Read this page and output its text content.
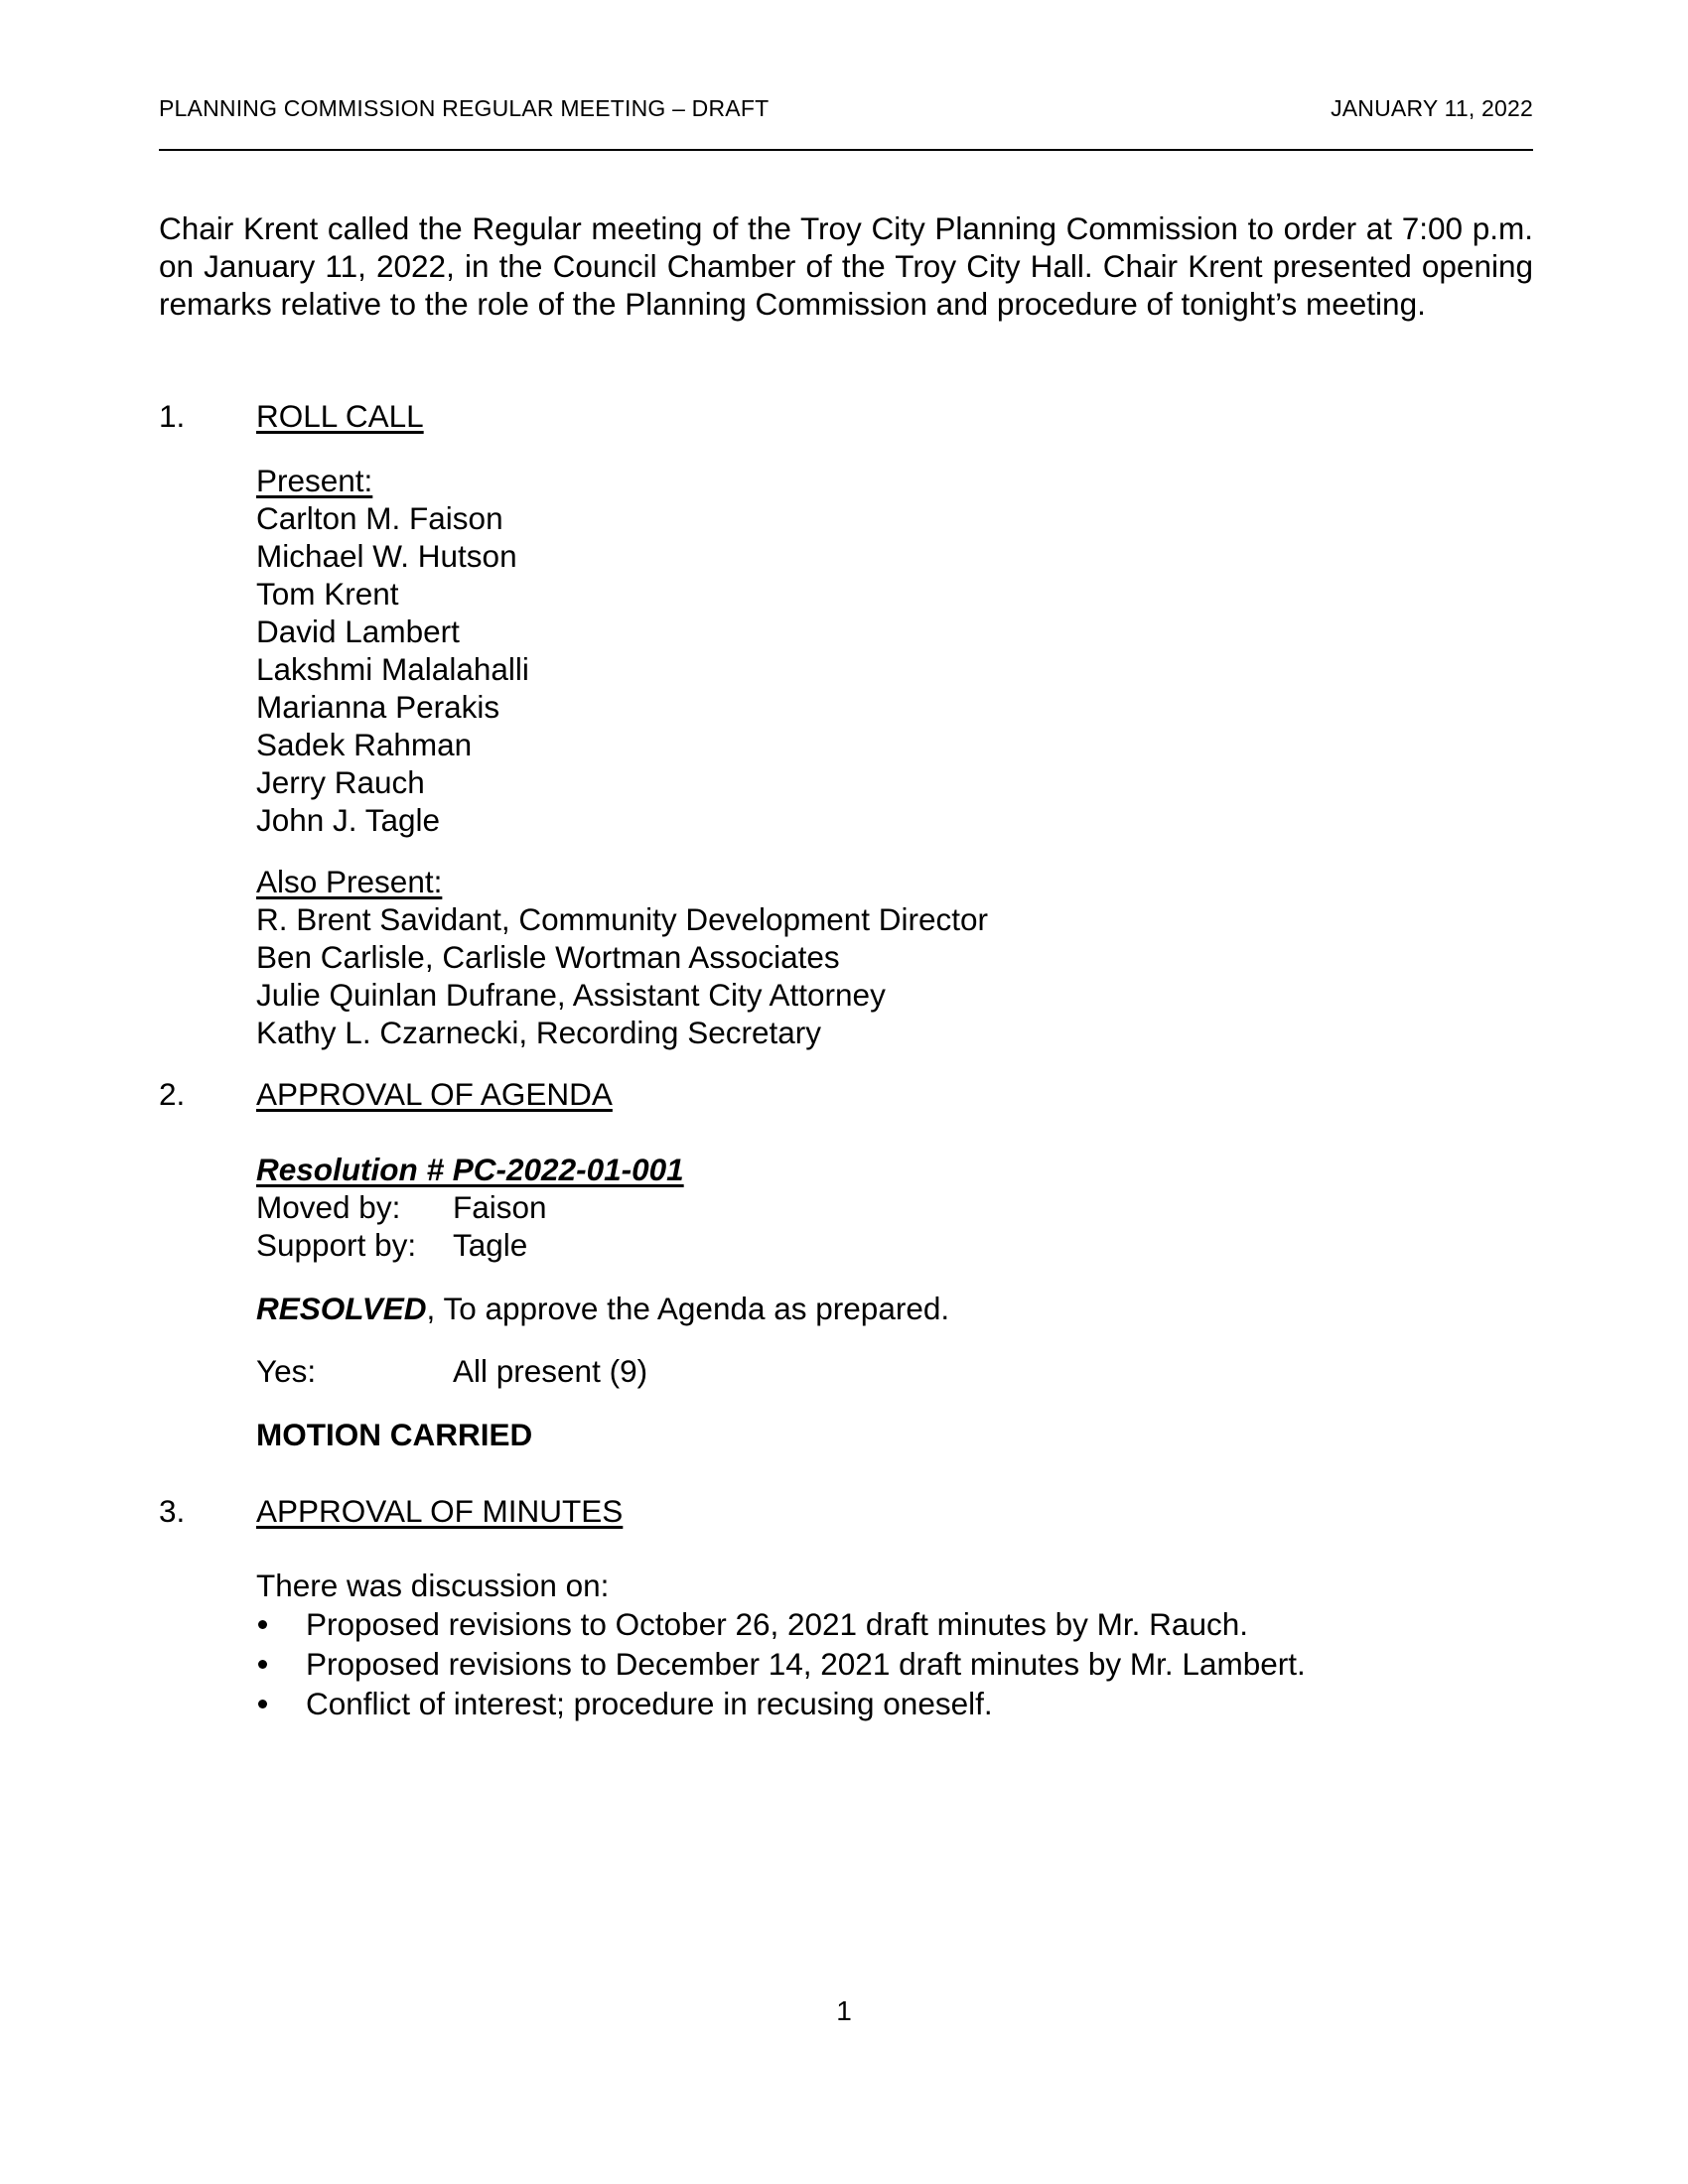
PLANNING COMMISSION REGULAR MEETING – DRAFT	JANUARY 11, 2022
Chair Krent called the Regular meeting of the Troy City Planning Commission to order at 7:00 p.m. on January 11, 2022, in the Council Chamber of the Troy City Hall. Chair Krent presented opening remarks relative to the role of the Planning Commission and procedure of tonight’s meeting.
1. ROLL CALL
Present:
Carlton M. Faison
Michael W. Hutson
Tom Krent
David Lambert
Lakshmi Malalahalli
Marianna Perakis
Sadek Rahman
Jerry Rauch
John J. Tagle
Also Present:
R. Brent Savidant, Community Development Director
Ben Carlisle, Carlisle Wortman Associates
Julie Quinlan Dufrane, Assistant City Attorney
Kathy L. Czarnecki, Recording Secretary
2. APPROVAL OF AGENDA
Resolution # PC-2022-01-001
Moved by:	Faison
Support by:	Tagle
RESOLVED, To approve the Agenda as prepared.
Yes:	All present (9)
MOTION CARRIED
3. APPROVAL OF MINUTES
There was discussion on:
Proposed revisions to October 26, 2021 draft minutes by Mr. Rauch.
Proposed revisions to December 14, 2021 draft minutes by Mr. Lambert.
Conflict of interest; procedure in recusing oneself.
1
